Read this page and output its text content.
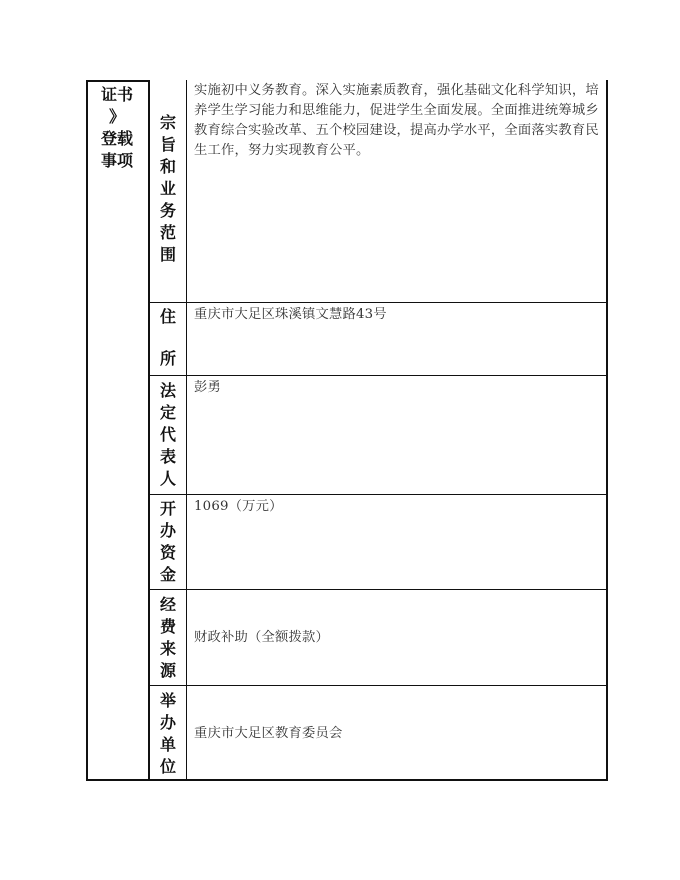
证书
》
登载
事项
宗
旨
和
业
务
范
围
实施初中义务教育。深入实施素质教育，强化基础文化科学知识，培养学生学习能力和思维能力，促进学生全面发展。全面推进统筹城乡教育综合实验改革、五个校园建设，提高办学水平，全面落实教育民生工作，努力实现教育公平。
住
所
重庆市大足区珠溪镇文慧路43号
法
定
代
表
人
彭勇
开
办
资
金
1069（万元）
经
费
来
源
财政补助（全额拨款）
举
办
单
位
重庆市大足区教育委员会
